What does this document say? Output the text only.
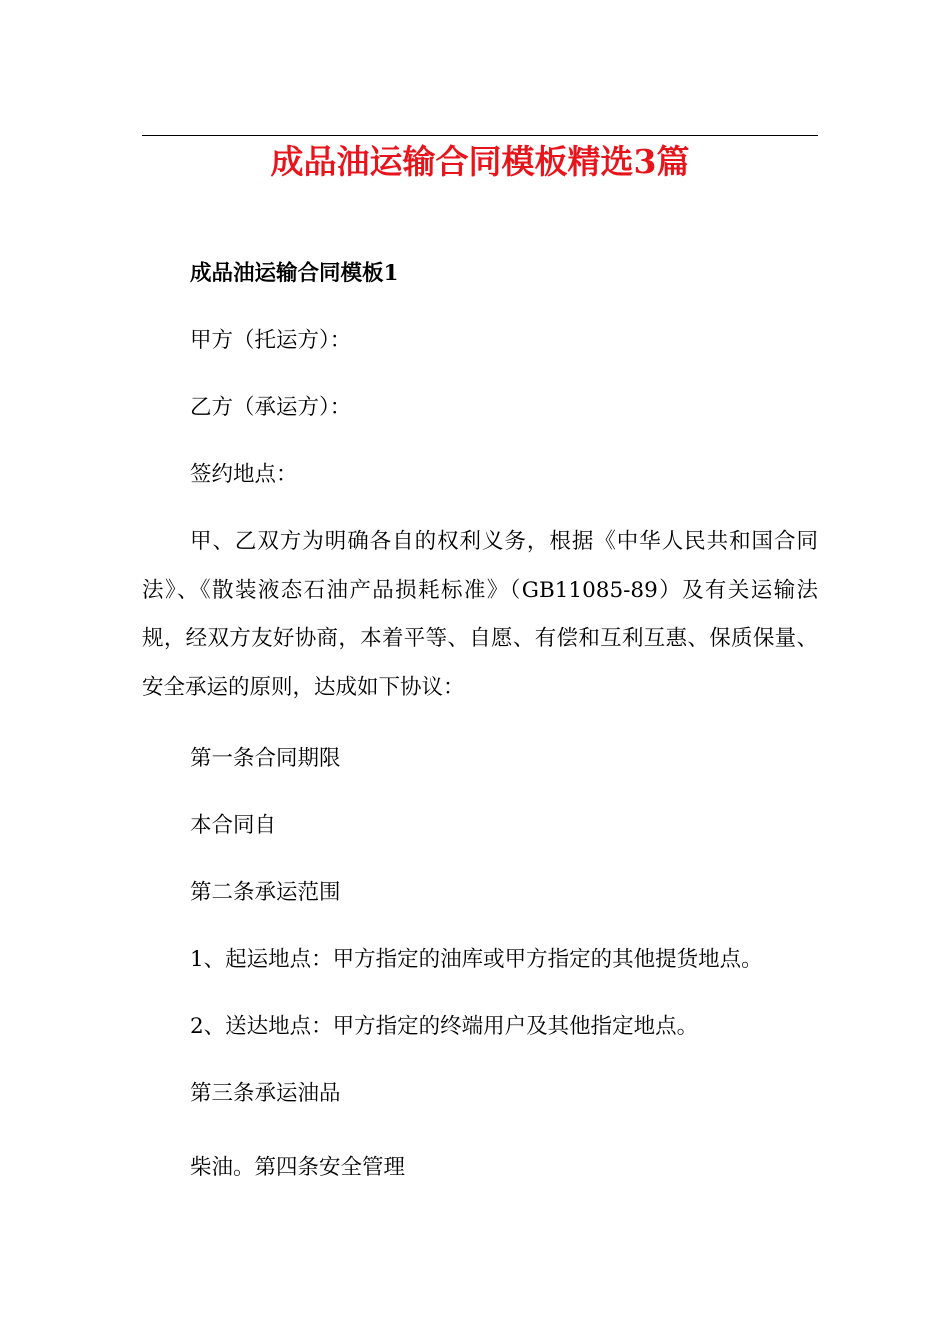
成品油运输合同模板精选3篇
成品油运输合同模板1
甲方（托运方）：
乙方（承运方）：
签约地点：
甲、乙双方为明确各自的权利义务，根据《中华人民共和国合同法》、《散装液态石油产品损耗标准》（GB11085-89）及有关运输法规，经双方友好协商，本着平等、自愿、有偿和互利互惠、保质保量、安全承运的原则，达成如下协议：
第一条合同期限
本合同自
第二条承运范围
1、起运地点：甲方指定的油库或甲方指定的其他提货地点。
2、送达地点：甲方指定的终端用户及其他指定地点。
第三条承运油品
柴油。第四条安全管理
